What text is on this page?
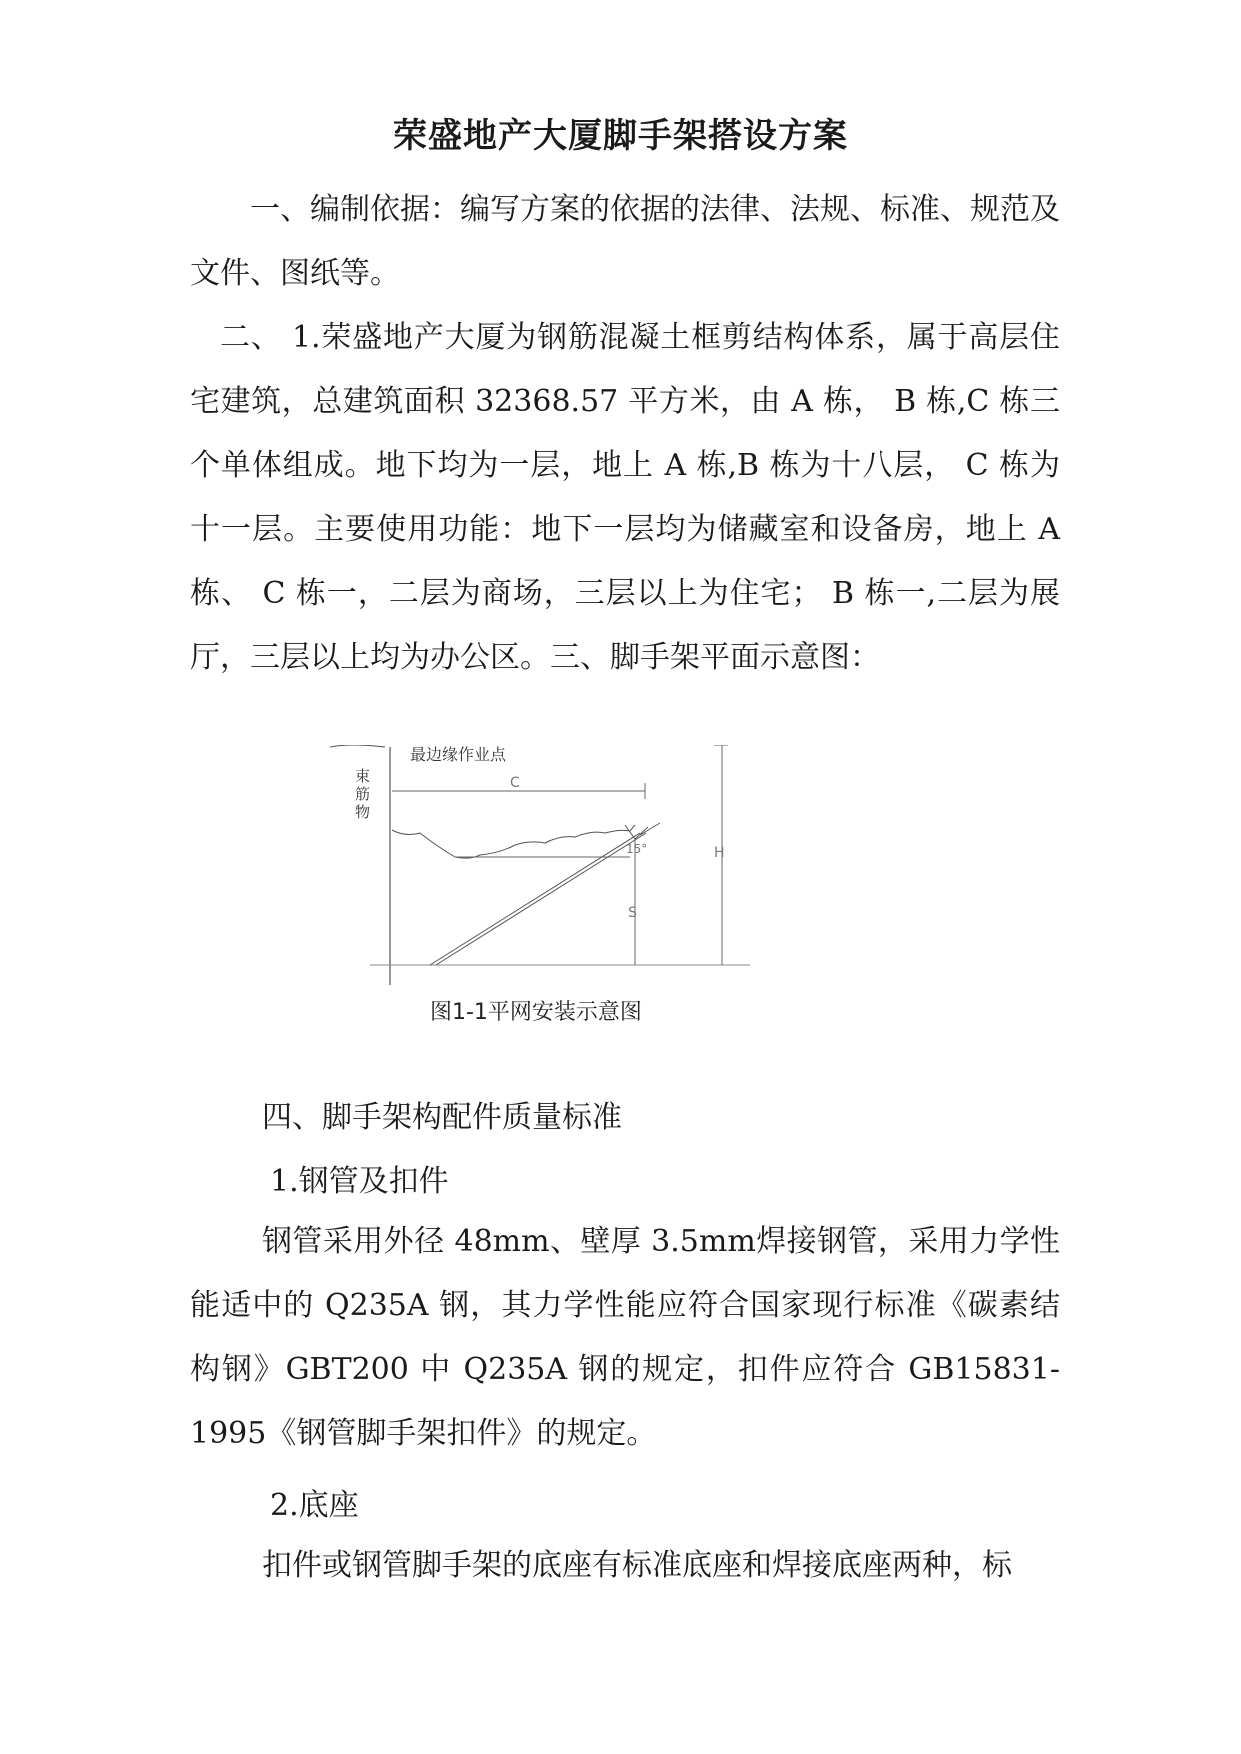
荣盛地产大厦脚手架搭设方案

一、编制依据：编写方案的依据的法律、法规、标准、规范及文件、图纸等。

二、 1.荣盛地产大厦为钢筋混凝土框剪结构体系，属于高层住宅建筑，总建筑面积 32368.57 平方米，由 A 栋， B 栋,C 栋三个单体组成。地下均为一层，地上 A 栋,B 栋为十八层， C 栋为十一层。主要使用功能：地下一层均为储藏室和设备房，地上 A 栋、 C 栋一，二层为商场，三层以上为住宅； B 栋一,二层为展厅，三层以上均为办公区。三、脚手架平面示意图：

最边缘作业点
束筋物
C
15°
S
H
图1-1平网安装示意图

四、脚手架构配件质量标准

1.钢管及扣件

钢管采用外径 48mm、壁厚 3.5mm焊接钢管，采用力学性能适中的 Q235A 钢，其力学性能应符合国家现行标准《碳素结构钢》GBT200 中 Q235A 钢的规定，扣件应符合 GB15831-1995《钢管脚手架扣件》的规定。

2.底座

扣件或钢管脚手架的底座有标准底座和焊接底座两种，标
